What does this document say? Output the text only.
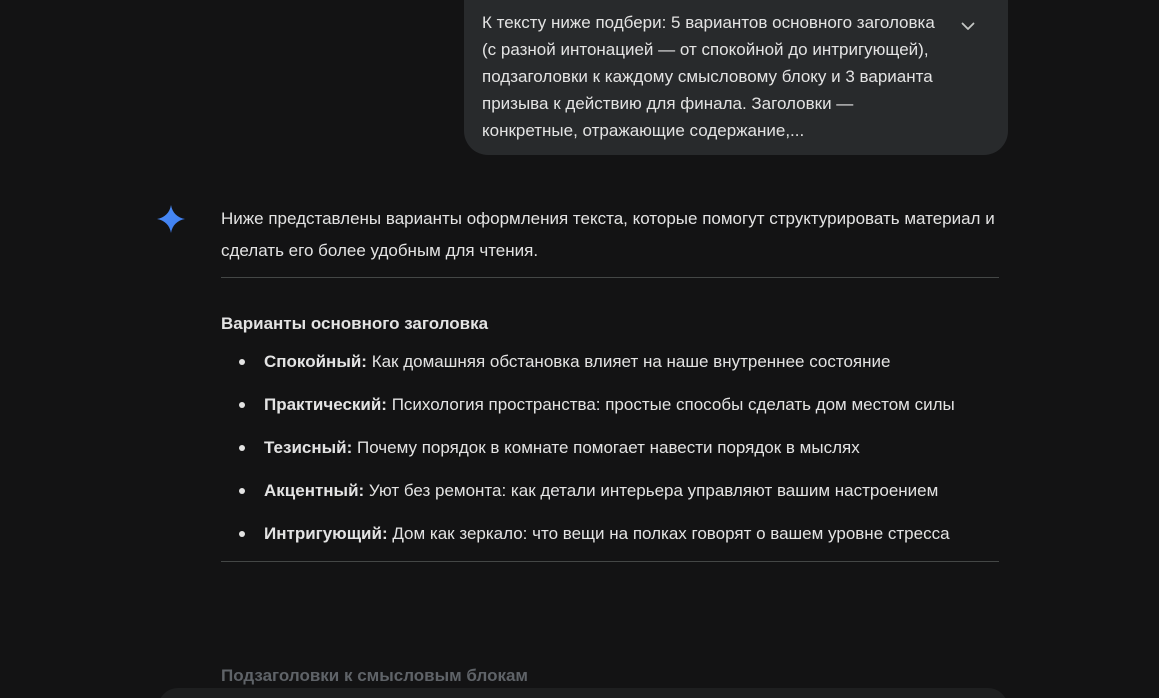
К тексту ниже подбери: 5 вариантов основного заголовка (с разной интонацией — от спокойной до интригующей), подзаголовки к каждому смысловому блоку и 3 варианта призыва к действию для финала. Заголовки — конкретные, отражающие содержание,...

Ниже представлены варианты оформления текста, которые помогут структурировать материал и сделать его более удобным для чтения.

Варианты основного заголовка
Спокойный: Как домашняя обстановка влияет на наше внутреннее состояние
Практический: Психология пространства: простые способы сделать дом местом силы
Тезисный: Почему порядок в комнате помогает навести порядок в мыслях
Акцентный: Уют без ремонта: как детали интерьера управляют вашим настроением
Интригующий: Дом как зеркало: что вещи на полках говорят о вашем уровне стресса
Подзаголовки к смысловым блокам
